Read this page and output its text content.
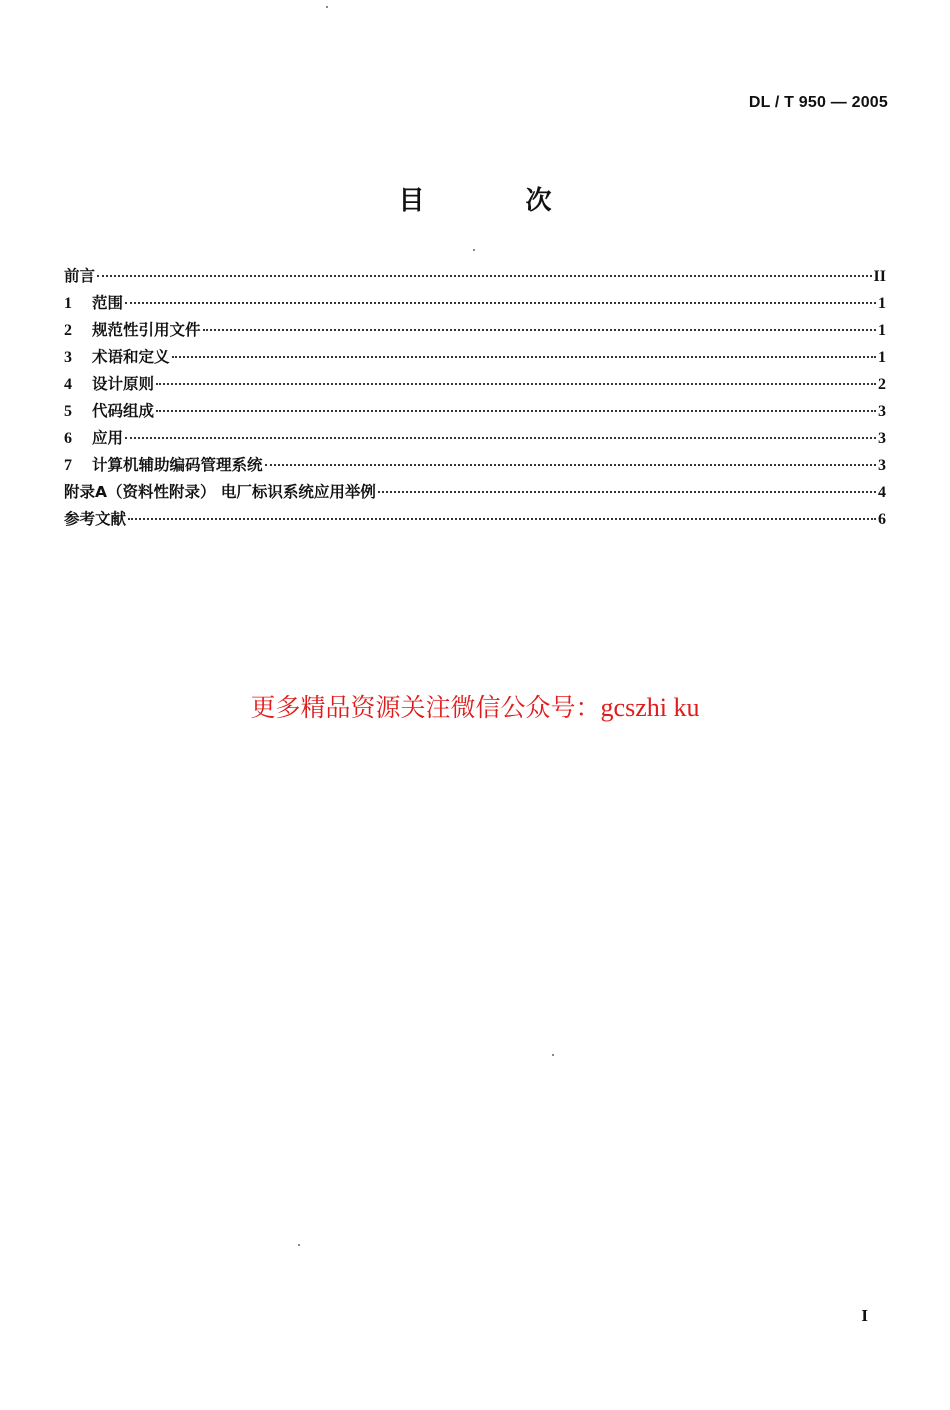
DL / T 950 — 2005
目 次
前言	II
1	范围	1
2	规范性引用文件	1
3	术语和定义	1
4	设计原则	2
5	代码组成	3
6	应用	3
7	计算机辅助编码管理系统	3
附录A（资料性附录） 电厂标识系统应用举例	4
参考文献	6
更多精品资源关注微信公众号：gcszhi ku
I
